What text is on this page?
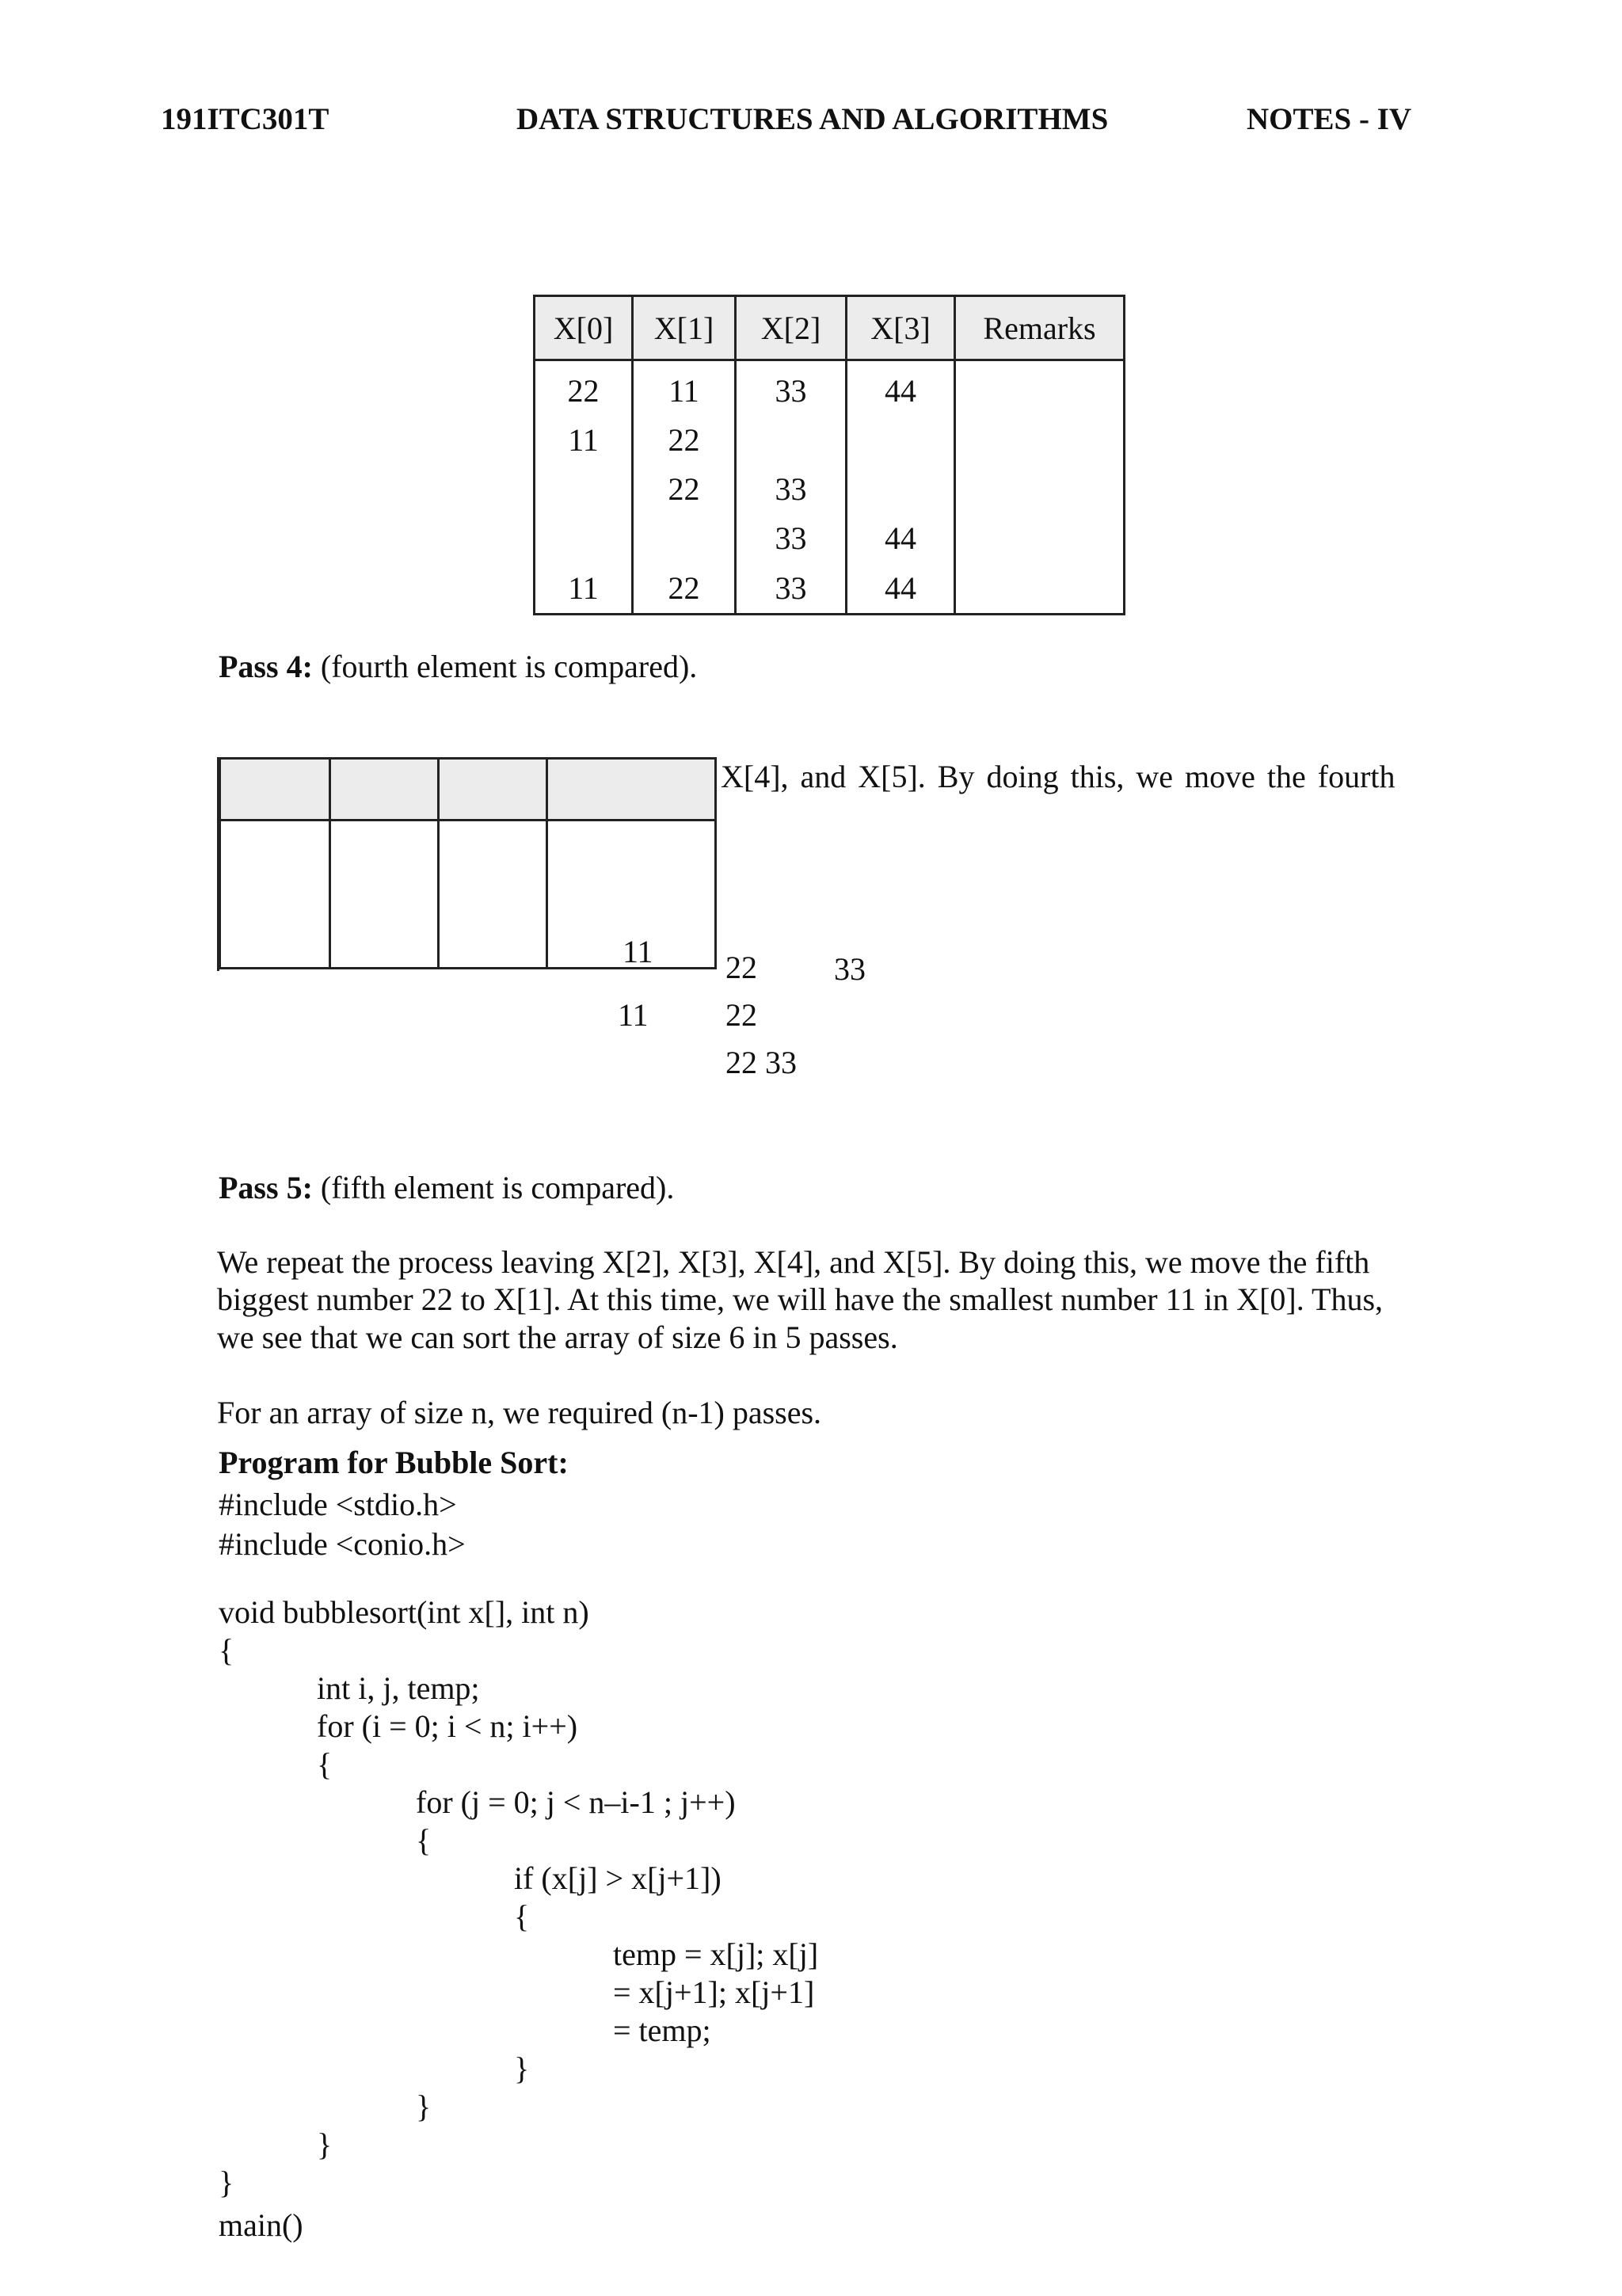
191ITC301T	DATA STRUCTURES AND ALGORITHMS	NOTES - IV
X[0]	X[1]	X[2]	X[3]	Remarks
22	11	33	44	
11	22			
	22	33		
		33	44	
11	22	33	44	
Pass 4: (fourth element is compared).
X[4], and X[5]. By doing this, we move the fourth
22 33
11 22
22 33
11

Pass 5: (fifth element is compared).
We repeat the process leaving X[2], X[3], X[4], and X[5]. By doing this, we move the fifth
biggest number 22 to X[1]. At this time, we will have the smallest number 11 in X[0]. Thus,
we see that we can sort the array of size 6 in 5 passes.
For an array of size n, we required (n-1) passes.
Program for Bubble Sort:
#include <stdio.h>
#include <conio.h>
void bubblesort(int x[], int n)
{
int i, j, temp;
for (i = 0; i < n; i++)
{
for (j = 0; j < n–i-1 ; j++)
{
if (x[j] > x[j+1])
{
temp = x[j]; x[j]
= x[j+1]; x[j+1]
= temp;
}
}
}
}
main()
